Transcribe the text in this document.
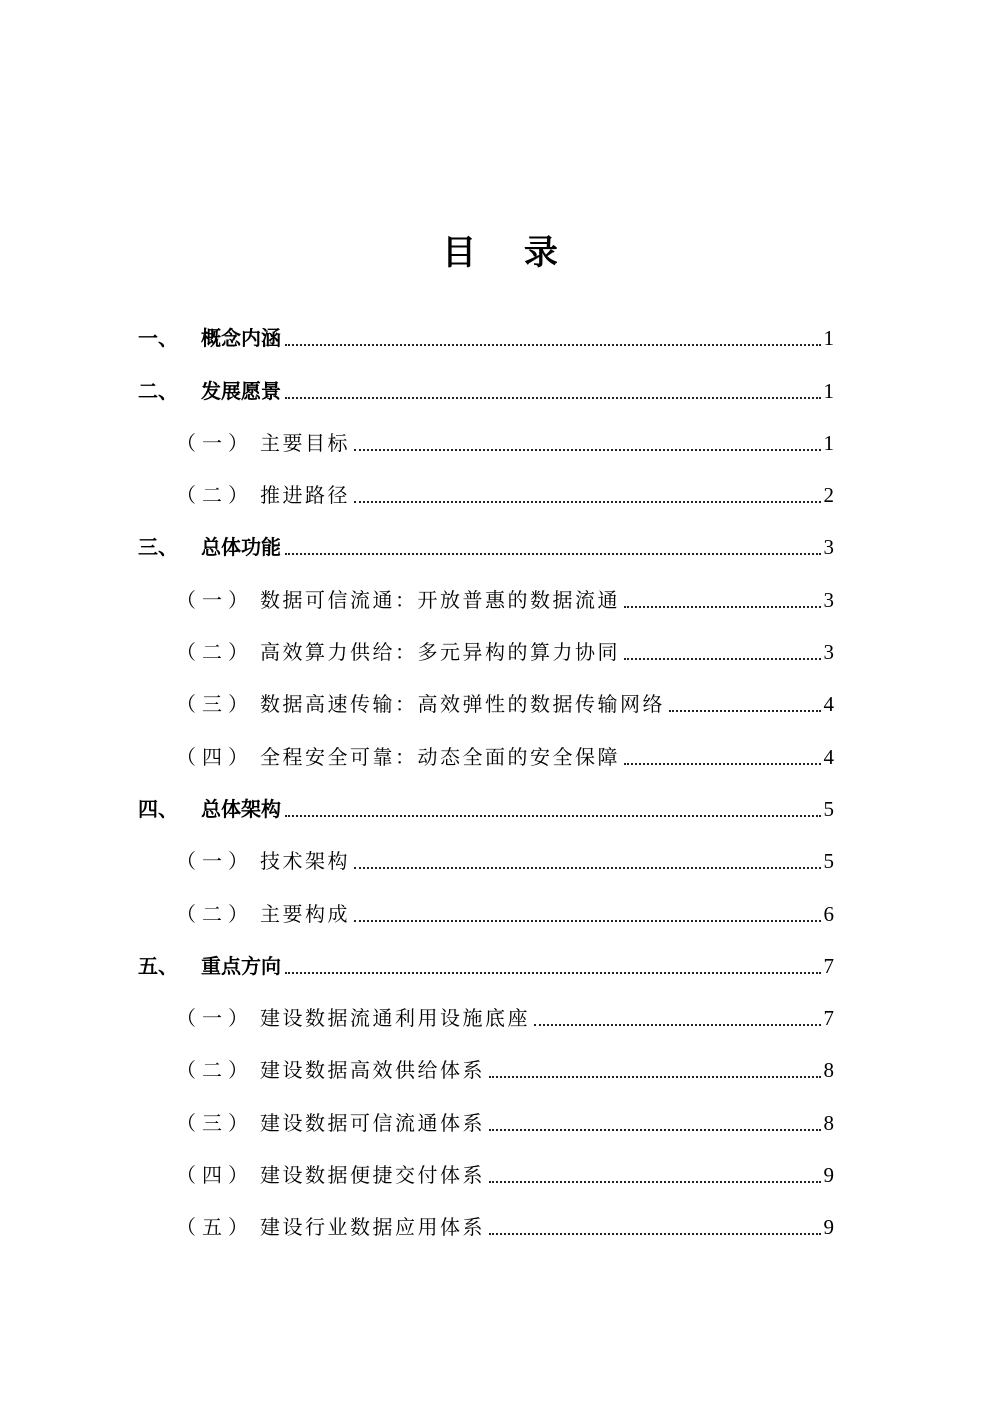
目 录
一、	概念内涵	1
二、	发展愿景	1
（一） 主要目标	1
（二） 推进路径	2
三、	总体功能	3
（一） 数据可信流通：开放普惠的数据流通	3
（二） 高效算力供给：多元异构的算力协同	3
（三） 数据高速传输：高效弹性的数据传输网络	4
（四） 全程安全可靠：动态全面的安全保障	4
四、	总体架构	5
（一） 技术架构	5
（二） 主要构成	6
五、	重点方向	7
（一） 建设数据流通利用设施底座	7
（二） 建设数据高效供给体系	8
（三） 建设数据可信流通体系	8
（四） 建设数据便捷交付体系	9
（五） 建设行业数据应用体系	9
